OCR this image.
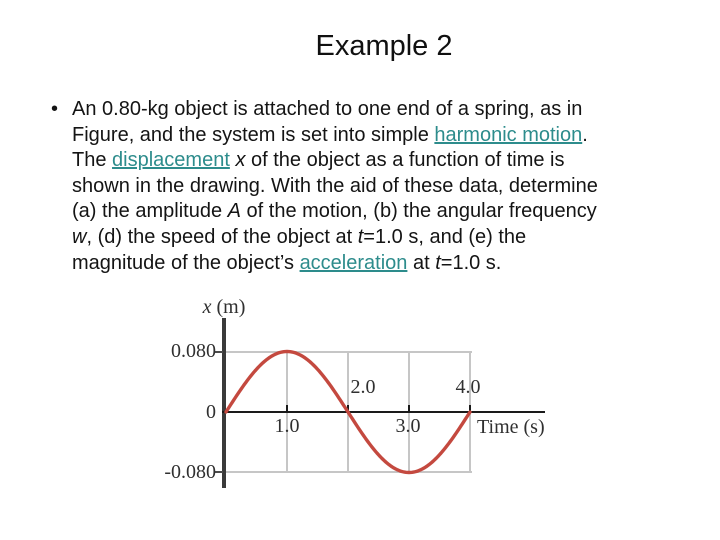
Example 2
• An 0.80-kg object is attached to one end of a spring, as in
Figure, and the system is set into simple harmonic motion.
The displacement x of the object as a function of time is
shown in the drawing. With the aid of these data, determine
(a) the amplitude A of the motion, (b) the angular frequency
w, (d) the speed of the object at t=1.0 s, and (e) the
magnitude of the object’s acceleration at t=1.0 s.
x (m)
0.080
0
-0.080
1.0
2.0
3.0
4.0
Time (s)
